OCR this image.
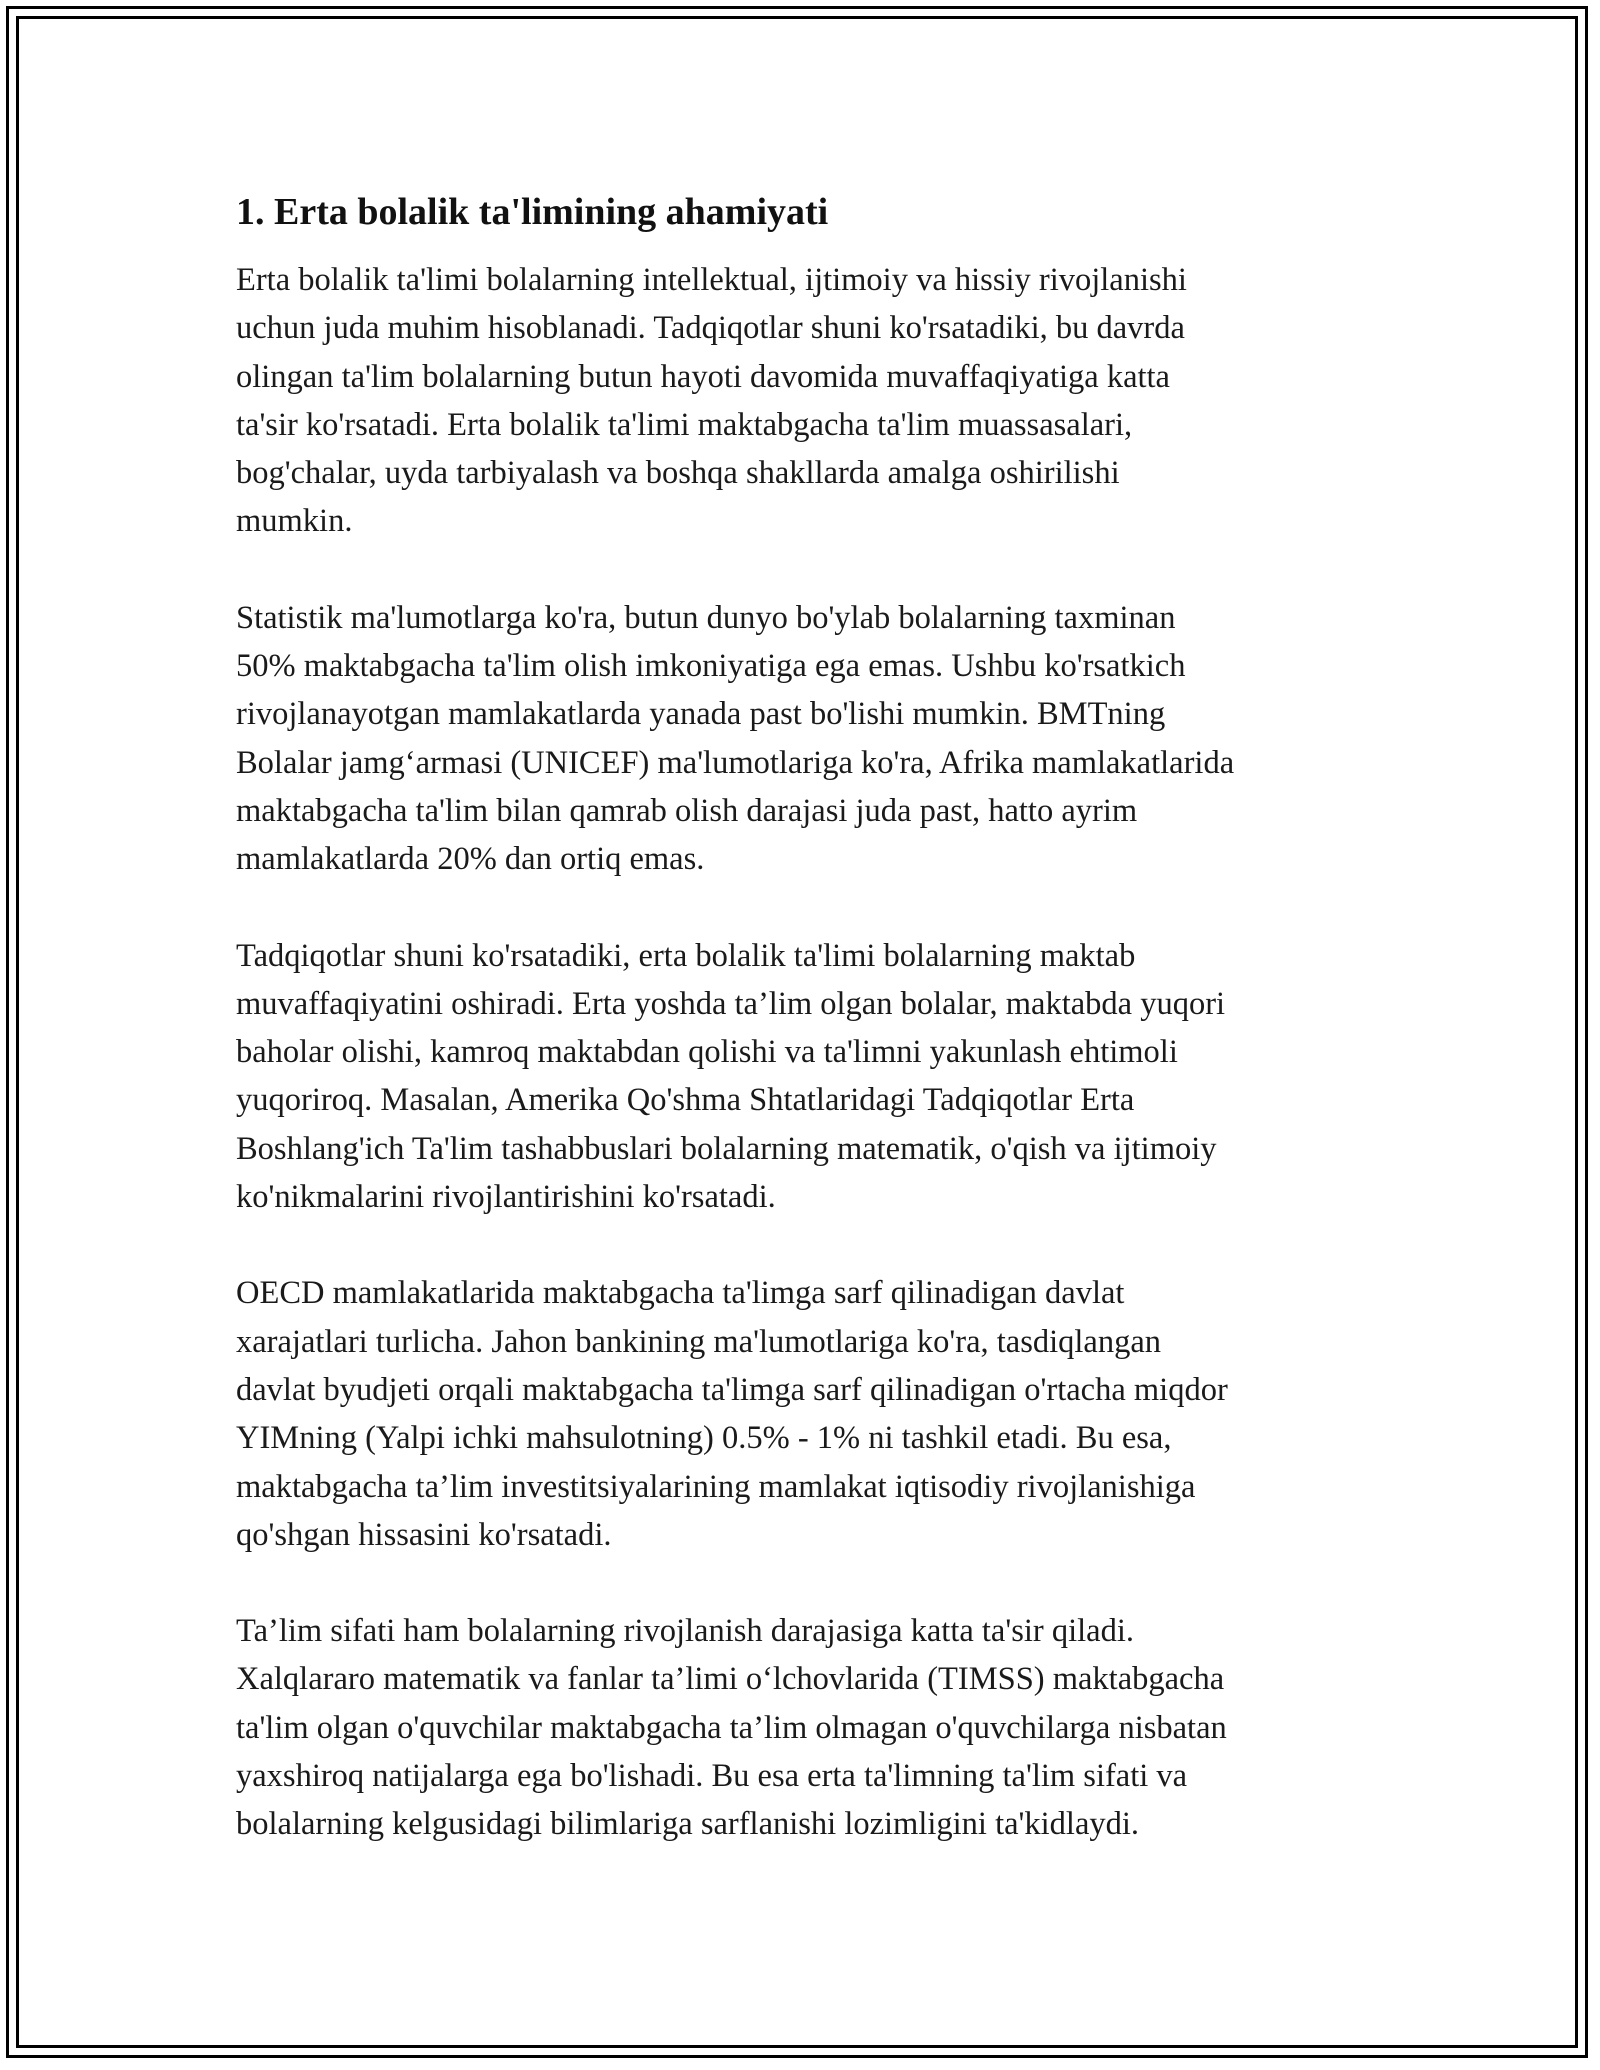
1. Erta bolalik ta'limining ahamiyati
Erta bolalik ta'limi bolalarning intellektual, ijtimoiy va hissiy rivojlanishi
uchun juda muhim hisoblanadi. Tadqiqotlar shuni ko'rsatadiki, bu davrda
olingan ta'lim bolalarning butun hayoti davomida muvaffaqiyatiga katta
ta'sir ko'rsatadi. Erta bolalik ta'limi maktabgacha ta'lim muassasalari,
bog'chalar, uyda tarbiyalash va boshqa shakllarda amalga oshirilishi
mumkin.
Statistik ma'lumotlarga ko'ra, butun dunyo bo'ylab bolalarning taxminan
50% maktabgacha ta'lim olish imkoniyatiga ega emas. Ushbu ko'rsatkich
rivojlanayotgan mamlakatlarda yanada past bo'lishi mumkin. BMTning
Bolalar jamg‘armasi (UNICEF) ma'lumotlariga ko'ra, Afrika mamlakatlarida
maktabgacha ta'lim bilan qamrab olish darajasi juda past, hatto ayrim
mamlakatlarda 20% dan ortiq emas.
Tadqiqotlar shuni ko'rsatadiki, erta bolalik ta'limi bolalarning maktab
muvaffaqiyatini oshiradi. Erta yoshda ta’lim olgan bolalar, maktabda yuqori
baholar olishi, kamroq maktabdan qolishi va ta'limni yakunlash ehtimoli
yuqoriroq. Masalan, Amerika Qo'shma Shtatlaridagi Tadqiqotlar Erta
Boshlang'ich Ta'lim tashabbuslari bolalarning matematik, o'qish va ijtimoiy
ko'nikmalarini rivojlantirishini ko'rsatadi.
OECD mamlakatlarida maktabgacha ta'limga sarf qilinadigan davlat
xarajatlari turlicha. Jahon bankining ma'lumotlariga ko'ra, tasdiqlangan
davlat byudjeti orqali maktabgacha ta'limga sarf qilinadigan o'rtacha miqdor
YIMning (Yalpi ichki mahsulotning) 0.5% - 1% ni tashkil etadi. Bu esa,
maktabgacha ta’lim investitsiyalarining mamlakat iqtisodiy rivojlanishiga
qo'shgan hissasini ko'rsatadi.
Ta’lim sifati ham bolalarning rivojlanish darajasiga katta ta'sir qiladi.
Xalqlararo matematik va fanlar ta’limi o‘lchovlarida (TIMSS) maktabgacha
ta'lim olgan o'quvchilar maktabgacha ta’lim olmagan o'quvchilarga nisbatan
yaxshiroq natijalarga ega bo'lishadi. Bu esa erta ta'limning ta'lim sifati va
bolalarning kelgusidagi bilimlariga sarflanishi lozimligini ta'kidlaydi.
